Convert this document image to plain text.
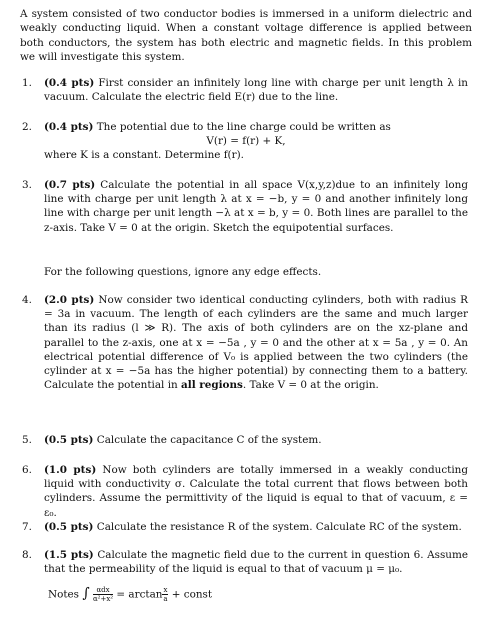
A system consisted of two conductor bodies is immersed in a uniform dielectric and weakly conducting liquid. When a constant voltage difference is applied between both conductors, the system has both electric and magnetic fields. In this problem we will investigate this system.

1. (0.4 pts) First consider an infinitely long line with charge per unit length λ in vacuum. Calculate the electric field E(r) due to the line.
2. (0.4 pts) The potential due to the line charge could be written as
V(r) = f(r) + K,
where K is a constant. Determine f(r).
3. (0.7 pts) Calculate the potential in all space V(x,y,z)due to an infinitely long line with charge per unit length λ at x = −b, y = 0 and another infinitely long line with charge per unit length −λ at x = b, y = 0. Both lines are parallel to the z-axis. Take V = 0 at the origin. Sketch the equipotential surfaces.
For the following questions, ignore any edge effects.
4. (2.0 pts) Now consider two identical conducting cylinders, both with radius R = 3a in vacuum. The length of each cylinders are the same and much larger than its radius (l ≫ R). The axis of both cylinders are on the xz-plane and parallel to the z-axis, one at x = −5a , y = 0 and the other at x = 5a , y = 0. An electrical potential difference of V₀ is applied between the two cylinders (the cylinder at x = −5a has the higher potential) by connecting them to a battery. Calculate the potential in all regions. Take V = 0 at the origin.
5. (0.5 pts) Calculate the capacitance C of the system.
6. (1.0 pts) Now both cylinders are totally immersed in a weakly conducting liquid with conductivity σ. Calculate the total current that flows between both cylinders. Assume the permittivity of the liquid is equal to that of vacuum, ε = ε₀.
7. (0.5 pts) Calculate the resistance R of the system. Calculate RC of the system.
8. (1.5 pts) Calculate the magnetic field due to the current in question 6. Assume that the permeability of the liquid is equal to that of vacuum μ = μ₀.
Notes ∫ $\frac{\text{αdx}}{\text{α²+x²}} = \arctan \frac{x}{a}$ + const
